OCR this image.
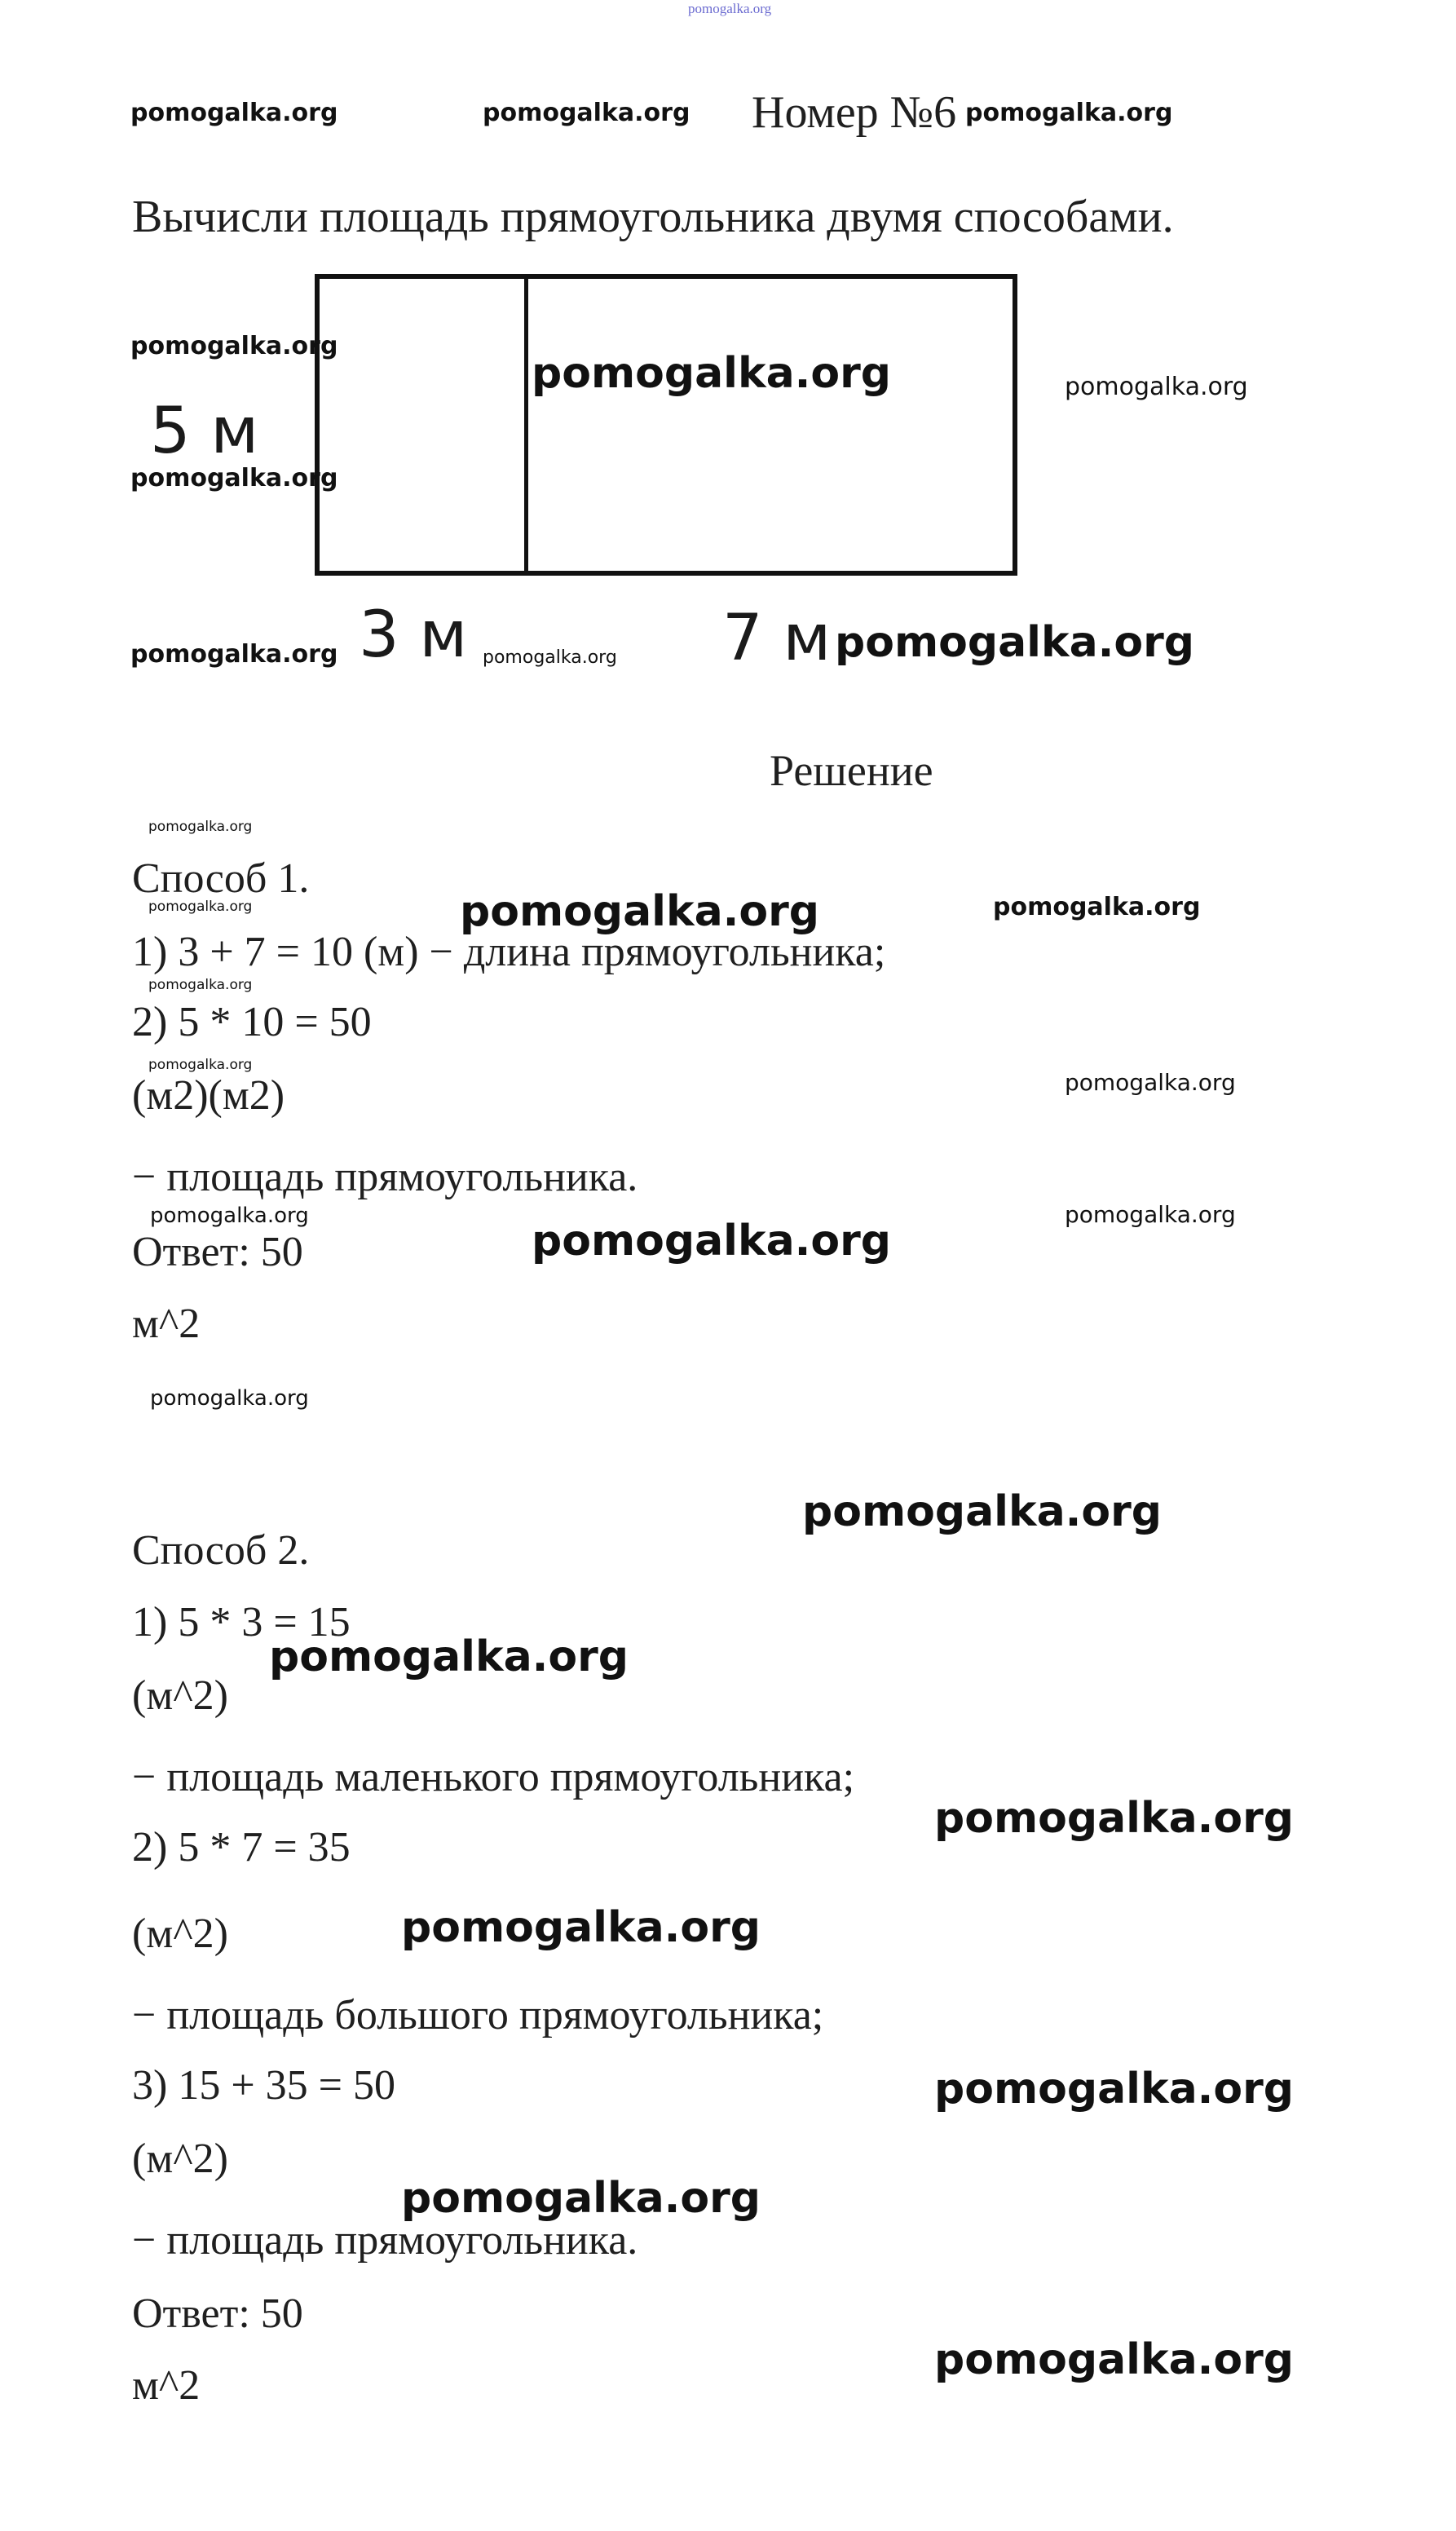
pomogalka.org

pomogalka.org	pomogalka.org Номер №6 pomogalka.org

Вычисли площадь прямоугольника двумя способами.

5 м

3 м	7 м

pomogalka.org

pomogalka.org	pomogalka.org

pomogalka.org

pomogalka.org	pomogalka.org	pomogalka.org

Решение

pomogalka.org

Способ 1.

pomogalka.org	pomogalka.org	pomogalka.org

1) 3 + 7 = 10 (м) − длина прямоугольника;

pomogalka.org

2) 5 * 10 = 50

pomogalka.org

(м2)(м2)	pomogalka.org

− площадь прямоугольника.

pomogalka.org

pomogalka.org

pomogalka.org

Ответ: 50

м^2

pomogalka.org

pomogalka.org

Способ 2.

1) 5 * 3 = 15

pomogalka.org

(м^2)

− площадь маленького прямоугольника;

pomogalka.org

2) 5 * 7 = 35

(м^2)	pomogalka.org

− площадь большого прямоугольника;

3) 15 + 35 = 50	pomogalka.org

(м^2)

pomogalka.org

− площадь прямоугольника.

Ответ: 50

pomogalka.org

м^2
